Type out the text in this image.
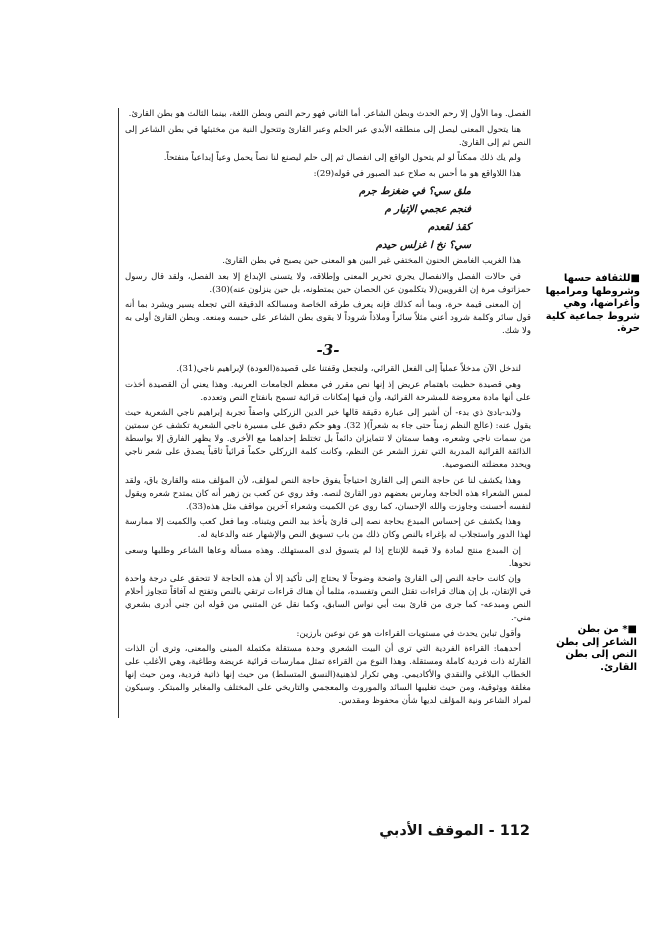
الفصل. وما الأول إلا رحم الحدث وبطن الشاعر. أما الثاني فهو رحم النص وبطن اللغة، بينما الثالث هو بطن القارئ.

هنا يتحول المعنى ليصل إلى منطلقه الأبدي عبر الحلم وعبر القارئ وتتحول النية من مختبئها في بطن الشاعر إلى النص ثم إلى القارئ.

ولم يك ذلك ممكناً لو لم يتحول الواقع إلى انفصال ثم إلى حلم ليصنع لنا نصاً يحمل وعياً إبداعياً منفتحاً.

هذا اللاواقع هو ما أحس به صلاح عبد الصبور في قوله(29):

ملق سي؟ في ضغزط جرم

فنجم عجمي الإتيار م

كقذ لقعدم

سي؟ نخ ا غزلس حيدم

هذا الغريب الغامض الحنون المختفي غير البين هو المعنى حين يصبح في بطن القارئ.

في حالات الفصل والانفصال يجري تحرير المعنى وإطلاقه، ولا يتسنى الإبداع إلا بعد الفصل، ولقد قال رسول حمزاتوف مرة إن القرويين(لا يتكلمون عن الحصان حين يمتطونه، بل حين ينزلون عنه)(30).

إن المعنى قيمة حرة، وبما أنه كذلك فإنه يعرف طرقه الخاصة ومسالكه الدقيقة التي تجعله يسير ويشرد بما أنه قول سائر وكلمة شرود أعني مثلاً سائراً وملاذاً شروداً لا يقوى بطن الشاعر على حبسه ومنعه. وبطن القارئ أولى به ولا شك.

-3-

لندخل الآن مدخلاً عملياً إلى الفعل القرائي، ولنجعل وقفتنا على قصيدة(العودة) لإبراهيم ناجي(31).

وهي قصيدة حظيت باهتمام عريض إذ إنها نص مقرر في معظم الجامعات العربية. وهذا يعني أن القصيدة أخذت على أنها مادة معروضة للمشرحة القرائية، وأن فيها إمكانات قرائية تسمح بانفتاح النص وتعدده.

ولابد-بادئ ذي بدء- أن أشير إلى عبارة دقيقة قالها خير الدين الزركلي واصفاً تجربة إبراهيم ناجي الشعرية حيث يقول عنه: (عالج النظم زمناً حتى جاء به شعراً)( 32). وهو حكم دقيق على مسيرة ناجي الشعرية تكشف عن سمتين من سمات ناجي وشعره، وهما سمتان لا تتمايزان دائماً بل تختلط إحداهما مع الأخرى. ولا يظهر الفارق إلا بواسطة الذائقة القرائية المدربة التي تفرز الشعر عن النظم، وكانت كلمة الزركلي حكماً قرائياً ثاقباً يصدق على شعر ناجي ويحدد معضلته النصوصية.

وهذا يكشف لنا عن حاجة النص إلى القارئ احتياجاً يفوق حاجة النص لمؤلف، لأن المؤلف منته والقارئ باق، ولقد لمس الشعراء هذه الحاجة ومارس بعضهم دور القارئ لنصه. وقد روي عن كعب بن زهير أنه كان يمتدح شعره ويقول لنفسه أحسنت وجاوزت والله الإحسان، كما روي عن الكميت وشعراء آخرين مواقف مثل هذه(33).

وهذا يكشف عن إحساس المبدع بحاجة نصه إلى قارئ يأخذ بيد النص ويتبناه. وما فعل كعب والكميت إلا ممارسة لهذا الدور واستجلاب له بإغراء بالنص وكان ذلك من باب تسويق النص والإشهار عنه والدعاية له.

إن المبدع منتج لمادة ولا قيمة للإنتاج إذا لم يتسوق لدى المستهلك. وهذه مسألة وعاها الشاعر وطلبها وسعى نحوها.

وإن كانت حاجة النص إلى القارئ واضحة وضوحاً لا يحتاج إلى تأكيد إلا أن هذه الحاجة لا تتحقق على درجة واحدة في الإتقان، بل إن هناك قراءات تقتل النص وتفسده، مثلما أن هناك قراءات ترتقي بالنص وتفتح له آفاقاً تتجاوز أحلام النص ومبدعه- كما جرى من قارئ بيت أبي نواس السابق، وكما نقل عن المتنبي من قوله ابن جني أدرى بشعري مني-.

وأقول تباين يحدث في مستويات القراءات هو عن نوعين بارزين:

أحدهما: القراءة الفردية التي ترى أن البيت الشعري وحدة مستقلة مكتملة المبنى والمعنى، وترى أن الذات القارئة ذات فردية كاملة ومستقلة. وهذا النوع من القراءة تمثل ممارسات قرائية عريضة وطاغية، وهي الأغلب على الخطاب البلاغي والنقدي والأكاديمي. وهي تكرار لذهنية(النسق المتسلط) من حيث إنها ذاتية فردية، ومن حيث إنها مغلقة ووثوقية، ومن حيث تغليبها السائد والموروث والمعجمي والتاريخي على المختلف والمغاير والمبتكر. وسيكون لمراد الشاعر ونية المؤلف لديها شأن محفوظ ومقدس.

■للثقافة حسها وشروطها ومراميها وأغراضها، وهي شروط جماعية كلية حرة.
■* من بطن الشاعر إلى بطن النص إلى بطن القارئ.
112 - الموقف الأدبي
